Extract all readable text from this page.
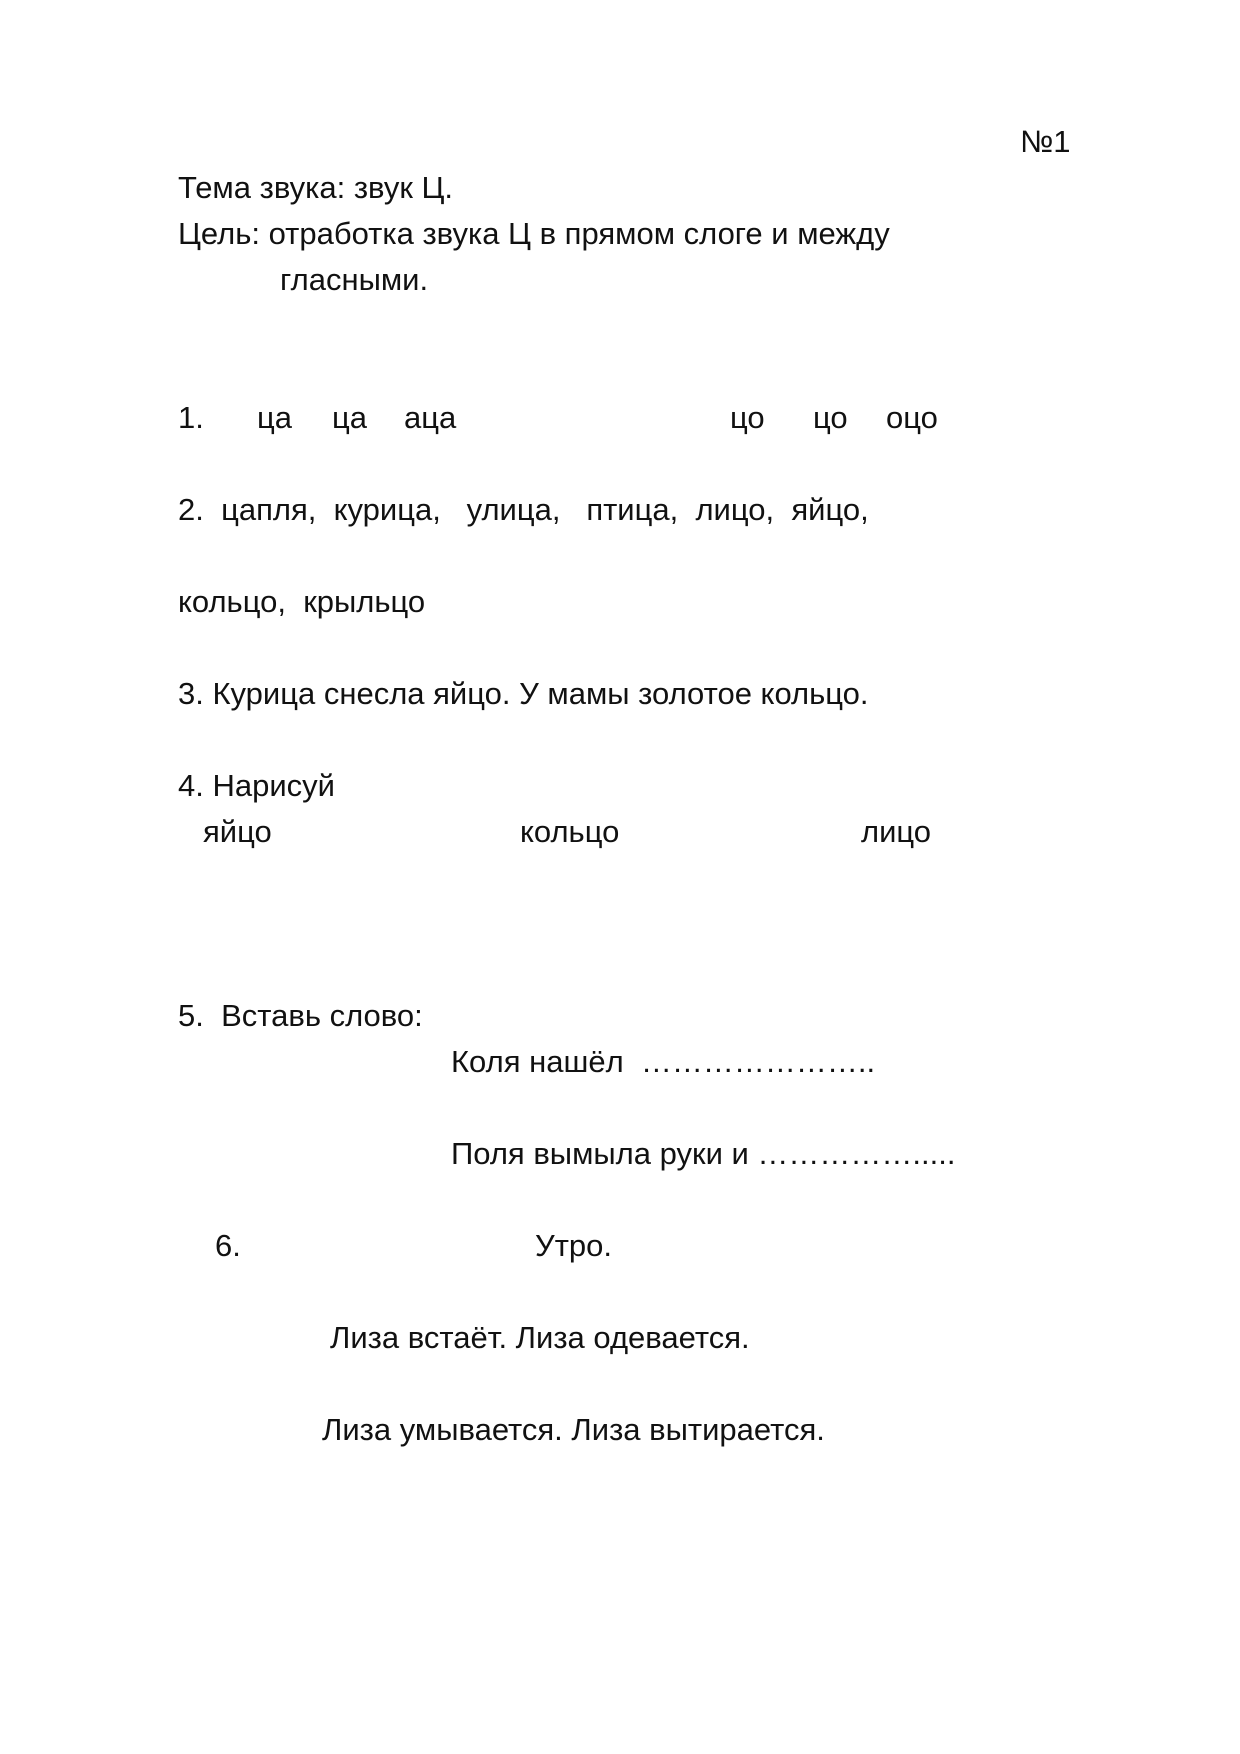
№1
Тема звука: звук Ц.
Цель: отработка звука Ц в прямом слоге и между
гласными.
1. ца ца аца	цо цо оцо
2.  цапля,  курица,   улица,   птица,  лицо,  яйцо,
кольцо,  крыльцо
3. Курица снесла яйцо. У мамы золотое кольцо.
4. Нарисуй
яйцо	кольцо	лицо
5.  Вставь слово:
Коля нашёл  …………………..
Поля вымыла руки и …………….....
6.	Утро.
Лиза встаёт. Лиза одевается.
Лиза умывается. Лиза вытирается.
